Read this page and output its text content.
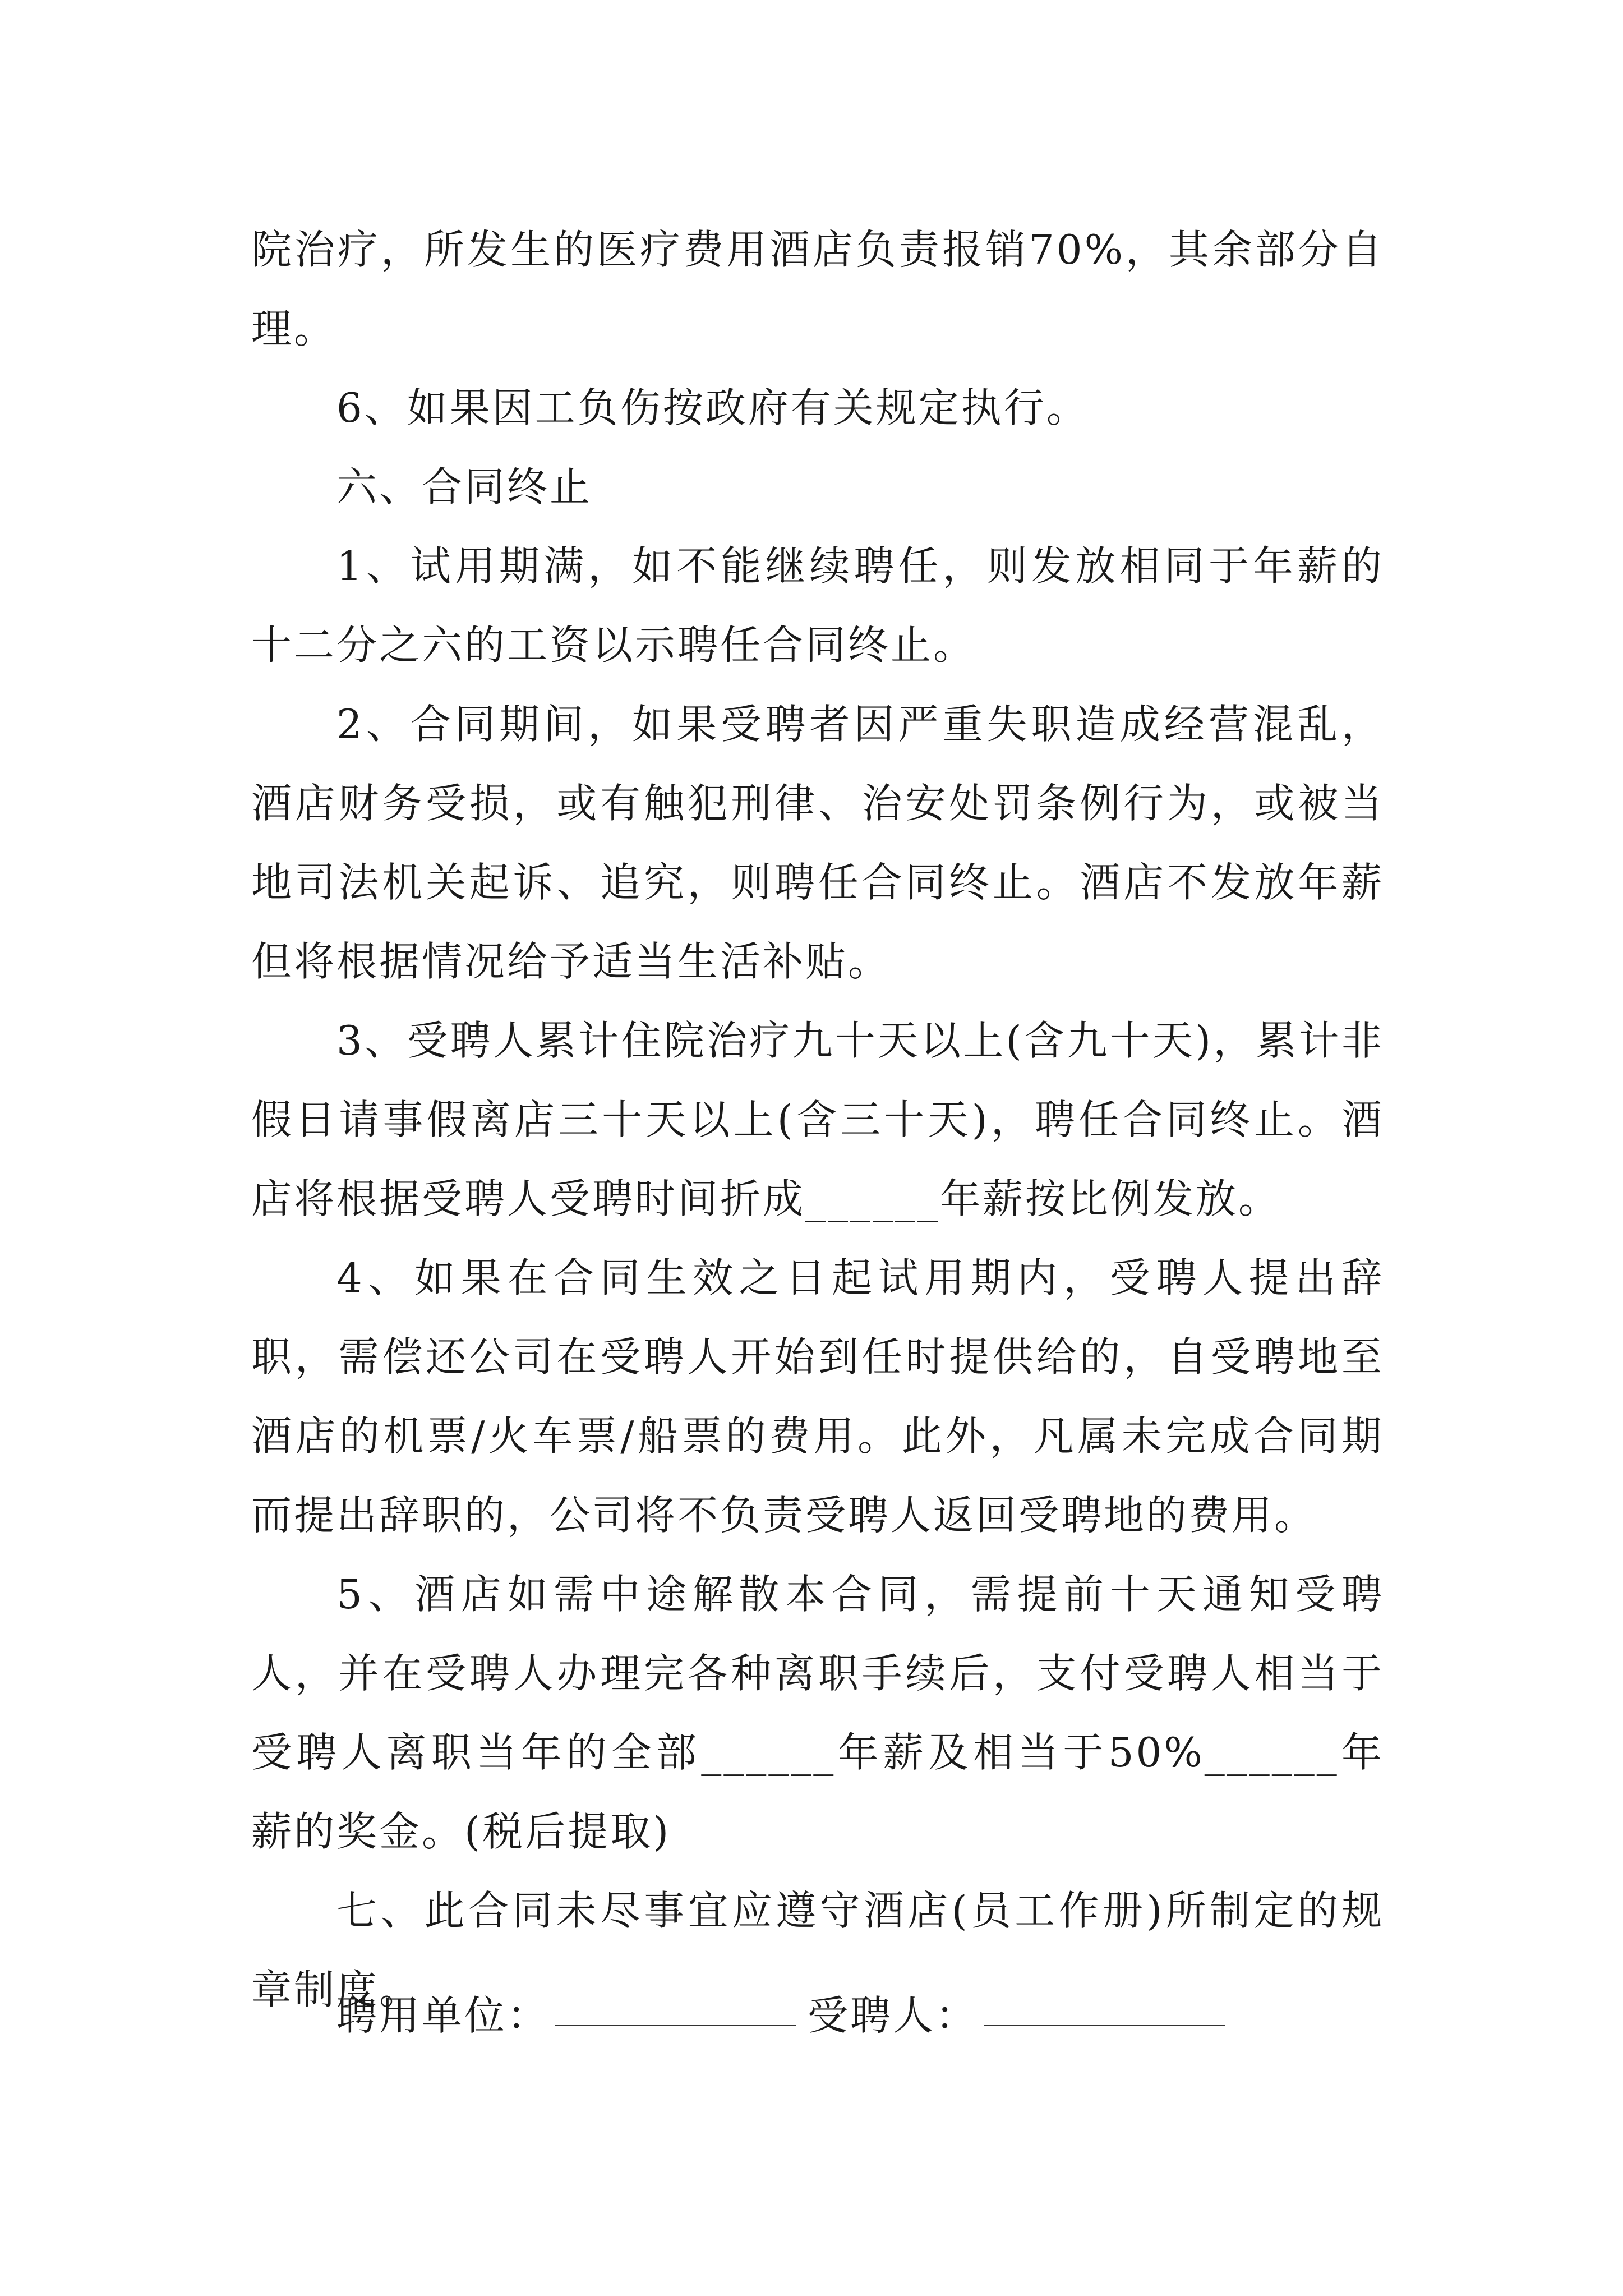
院治疗，所发生的医疗费用酒店负责报销70%，其余部分自理。

6、如果因工负伤按政府有关规定执行。

六、合同终止

1、试用期满，如不能继续聘任，则发放相同于年薪的十二分之六的工资以示聘任合同终止。

2、合同期间，如果受聘者因严重失职造成经营混乱，酒店财务受损，或有触犯刑律、治安处罚条例行为，或被当地司法机关起诉、追究，则聘任合同终止。酒店不发放年薪但将根据情况给予适当生活补贴。

3、受聘人累计住院治疗九十天以上(含九十天)，累计非假日请事假离店三十天以上(含三十天)，聘任合同终止。酒店将根据受聘人受聘时间折成______年薪按比例发放。

4、如果在合同生效之日起试用期内，受聘人提出辞职，需偿还公司在受聘人开始到任时提供给的，自受聘地至酒店的机票/火车票/船票的费用。此外，凡属未完成合同期而提出辞职的，公司将不负责受聘人返回受聘地的费用。

5、酒店如需中途解散本合同，需提前十天通知受聘人，并在受聘人办理完各种离职手续后，支付受聘人相当于受聘人离职当年的全部______年薪及相当于50%______年薪的奖金。(税后提取)

七、此合同未尽事宜应遵守酒店(员工作册)所制定的规章制度。

聘用单位：	受聘人：
